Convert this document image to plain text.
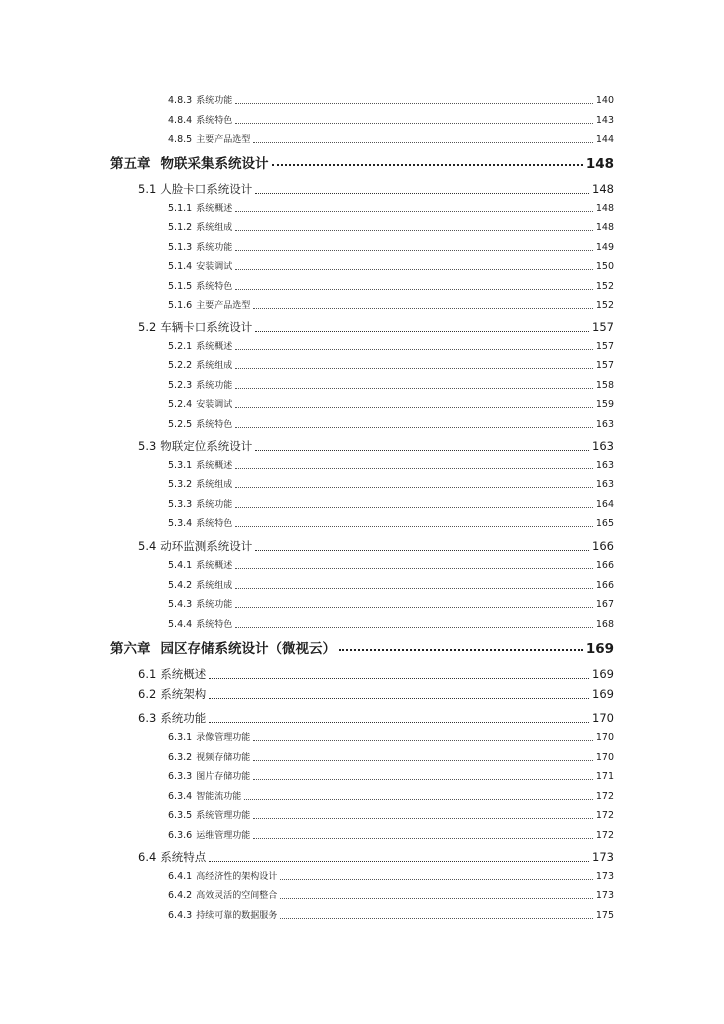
4.8.3 系统功能	140
4.8.4 系统特色	143
4.8.5 主要产品选型	144
第五章 物联采集系统设计	148
5.1 人脸卡口系统设计	148
5.1.1 系统概述	148
5.1.2 系统组成	148
5.1.3 系统功能	149
5.1.4 安装调试	150
5.1.5 系统特色	152
5.1.6 主要产品选型	152
5.2 车辆卡口系统设计	157
5.2.1 系统概述	157
5.2.2 系统组成	157
5.2.3 系统功能	158
5.2.4 安装调试	159
5.2.5 系统特色	163
5.3 物联定位系统设计	163
5.3.1 系统概述	163
5.3.2 系统组成	163
5.3.3 系统功能	164
5.3.4 系统特色	165
5.4 动环监测系统设计	166
5.4.1 系统概述	166
5.4.2 系统组成	166
5.4.3 系统功能	167
5.4.4 系统特色	168
第六章 园区存储系统设计（微视云）	169
6.1 系统概述	169
6.2 系统架构	169
6.3 系统功能	170
6.3.1 录像管理功能	170
6.3.2 视频存储功能	170
6.3.3 图片存储功能	171
6.3.4 智能流功能	172
6.3.5 系统管理功能	172
6.3.6 运维管理功能	172
6.4 系统特点	173
6.4.1 高经济性的架构设计	173
6.4.2 高效灵活的空间整合	173
6.4.3 持续可靠的数据服务	175
